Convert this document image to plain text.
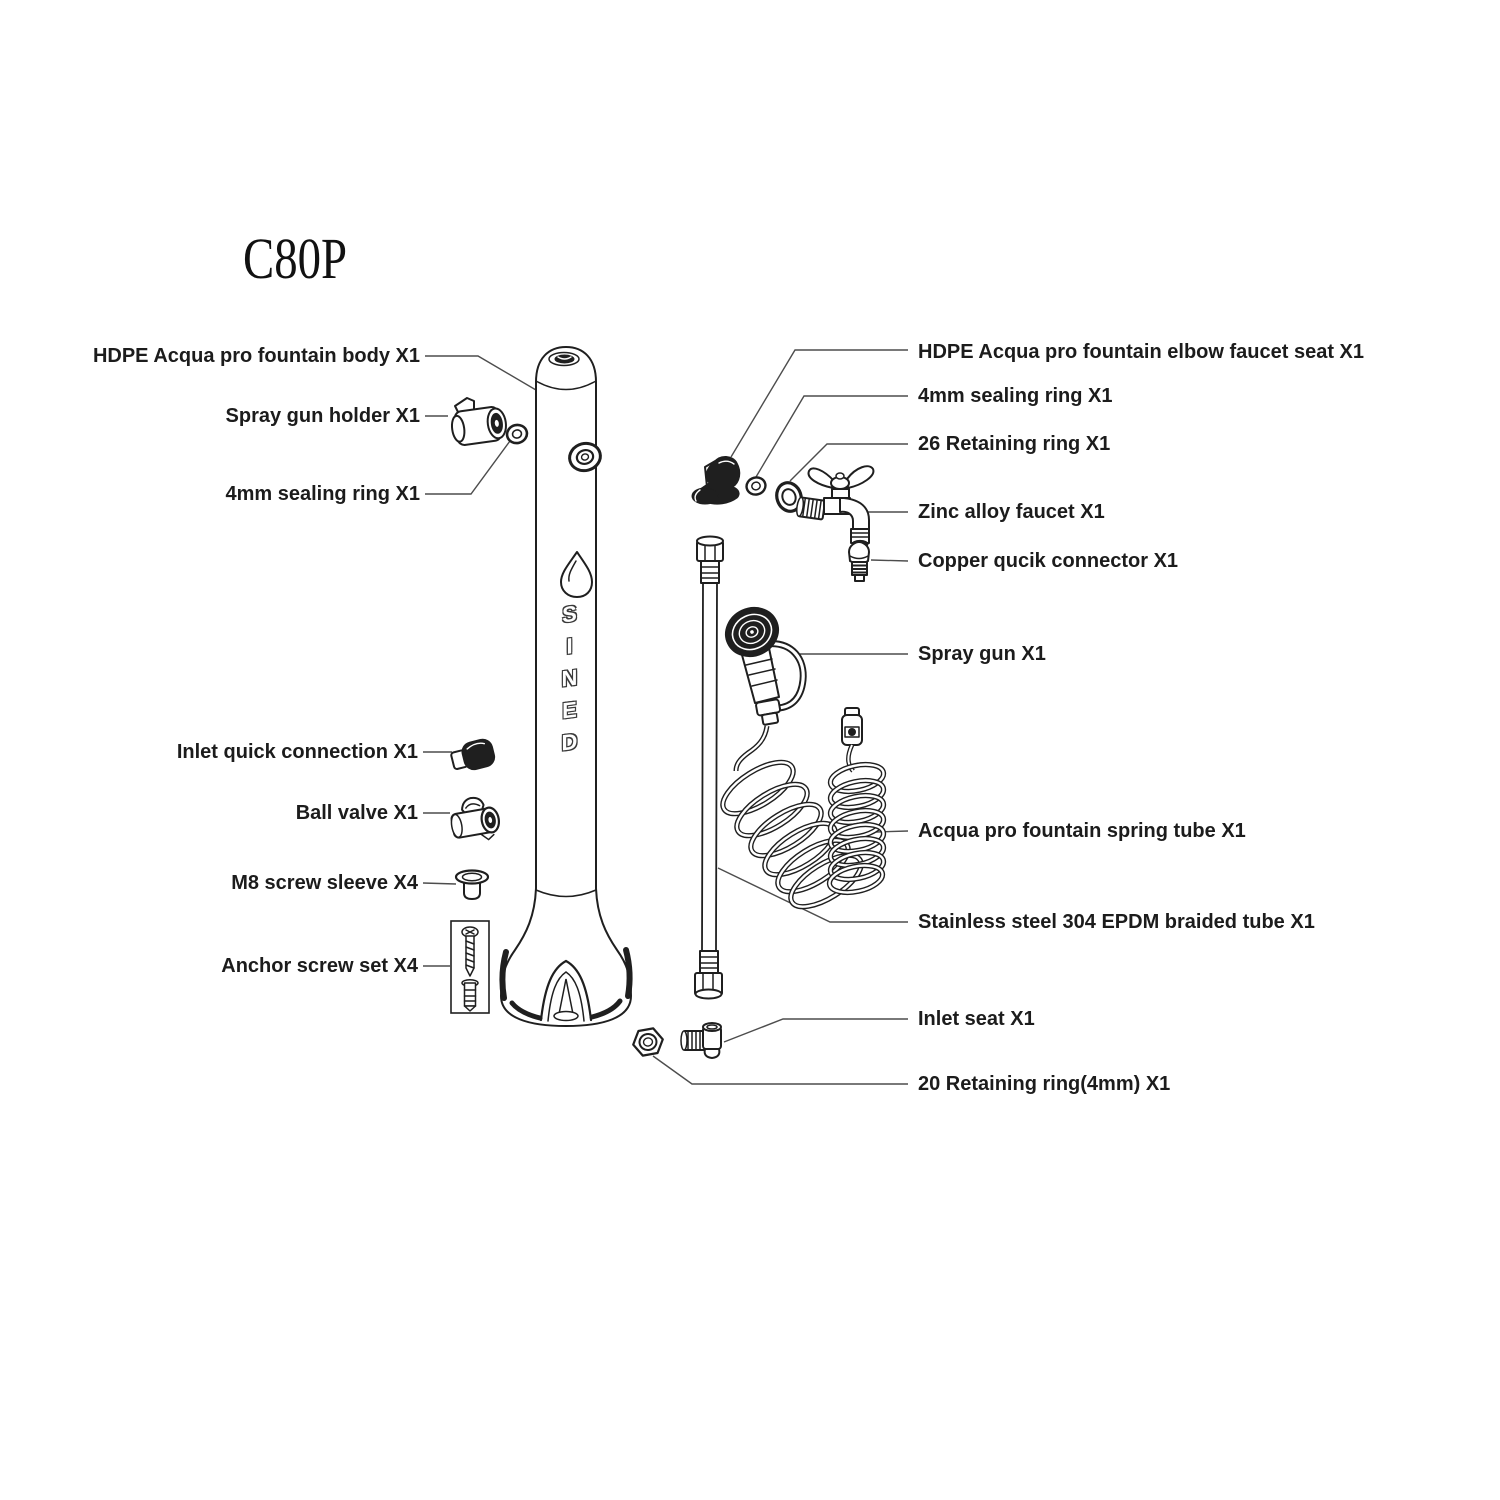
C80P
HDPE Acqua pro fountain body X1
Spray gun holder X1
4mm sealing ring X1
Inlet quick connection X1
Ball valve X1
M8 screw sleeve X4
Anchor screw set X4
HDPE Acqua pro fountain elbow faucet seat X1
4mm sealing ring X1
26 Retaining ring X1
Zinc alloy faucet X1
Copper qucik connector X1
Spray gun X1
Acqua pro fountain spring tube X1
Stainless steel 304 EPDM braided tube X1
Inlet seat X1
20 Retaining ring(4mm) X1
SINED
